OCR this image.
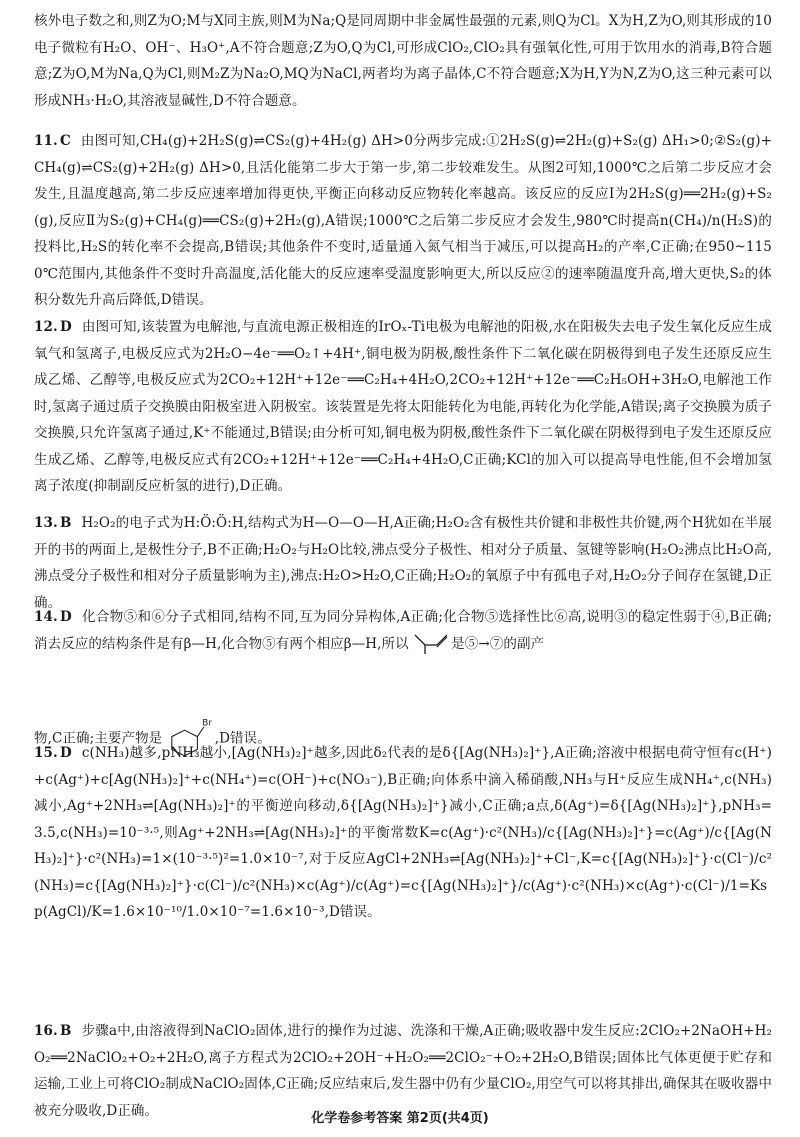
核外电子数之和,则Z为O;M与X同主族,则M为Na;Q是同周期中非金属性最强的元素,则Q为Cl。X为H,Z为O,则其形成的10电子微粒有H₂O、OH⁻、H₃O⁺,A不符合题意;Z为O,Q为Cl,可形成ClO₂,ClO₂具有强氧化性,可用于饮用水的消毒,B符合题意;Z为O,M为Na,Q为Cl,则M₂Z为Na₂O,MQ为NaCl,两者均为离子晶体,C不符合题意;X为H,Y为N,Z为O,这三种元素可以形成NH₃·H₂O,其溶液显碱性,D不符合题意。
11. C 由图可知,CH₄(g)+2H₂S(g)⇌CS₂(g)+4H₂(g) ΔH>0分两步完成:①2H₂S(g)⇌2H₂(g)+S₂(g) ΔH₁>0;②S₂(g)+CH₄(g)⇌CS₂(g)+2H₂(g) ΔH>0,且活化能第二步大于第一步,第二步较难发生。从图2可知,1000℃之后第二步反应才会发生,且温度越高,第二步反应速率增加得更快,平衡正向移动反应物转化率越高。该反应的反应Ⅰ为2H₂S(g)══2H₂(g)+S₂(g),反应Ⅱ为S₂(g)+CH₄(g)══CS₂(g)+2H₂(g),A错误;1000℃之后第二步反应才会发生,980℃时提高n(CH₄)/n(H₂S)的投料比,H₂S的转化率不会提高,B错误;其他条件不变时,适量通入氮气相当于减压,可以提高H₂的产率,C正确;在950~1150℃范围内,其他条件不变时升高温度,活化能大的反应速率受温度影响更大,所以反应②的速率随温度升高,增大更快,S₂的体积分数先升高后降低,D错误。
12. D 由图可知,该装置为电解池,与直流电源正极相连的IrOₓ-Ti电极为电解池的阳极,水在阳极失去电子发生氧化反应生成氧气和氢离子,电极反应式为2H₂O−4e⁻══O₂↑+4H⁺,铜电极为阴极,酸性条件下二氧化碳在阴极得到电子发生还原反应生成乙烯、乙醇等,电极反应式为2CO₂+12H⁺+12e⁻══C₂H₄+4H₂O,2CO₂+12H⁺+12e⁻══C₂H₅OH+3H₂O,电解池工作时,氢离子通过质子交换膜由阳极室进入阴极室。该装置是先将太阳能转化为电能,再转化为化学能,A错误;离子交换膜为质子交换膜,只允许氢离子通过,K⁺不能通过,B错误;由分析可知,铜电极为阴极,酸性条件下二氧化碳在阴极得到电子发生还原反应生成乙烯、乙醇等,电极反应式有2CO₂+12H⁺+12e⁻══C₂H₄+4H₂O,C正确;KCl的加入可以提高导电性能,但不会增加氢离子浓度(抑制副反应析氢的进行),D正确。
13. B H₂O₂的电子式为H:Ö:Ö:H,结构式为H—O—O—H,A正确;H₂O₂含有极性共价键和非极性共价键,两个H犹如在半展开的书的两面上,是极性分子,B不正确;H₂O₂与H₂O比较,沸点受分子极性、相对分子质量、氢键等影响(H₂O₂沸点比H₂O高,沸点受分子极性和相对分子质量影响为主),沸点:H₂O>H₂O,C正确;H₂O₂的氧原子中有孤电子对,H₂O₂分子间存在氢键,D正确。
14. D 化合物⑤和⑥分子式相同,结构不同,互为同分异构体,A正确;化合物⑤选择性比⑥高,说明③的稳定性弱于④,B正确;消去反应的结构条件是有β—H,化合物⑤有两个相应β—H,所以	是⑤→⑦的副产
物,C正确;主要产物是
Br
,D错误。
15. D c(NH₃)越多,pNH₃越小,[Ag(NH₃)₂]⁺越多,因此δ₂代表的是δ{[Ag(NH₃)₂]⁺},A正确;溶液中根据电荷守恒有c(H⁺)+c(Ag⁺)+c[Ag(NH₃)₂]⁺+c(NH₄⁺)=c(OH⁻)+c(NO₃⁻),B正确;向体系中滴入稀硝酸,NH₃与H⁺反应生成NH₄⁺,c(NH₃)减小,Ag⁺+2NH₃⇌[Ag(NH₃)₂]⁺的平衡逆向移动,δ{[Ag(NH₃)₂]⁺}减小,C正确;a点,δ(Ag⁺)=δ{[Ag(NH₃)₂]⁺},pNH₃=3.5,c(NH₃)=10⁻³·⁵,则Ag⁺+2NH₃⇌[Ag(NH₃)₂]⁺的平衡常数K=c(Ag⁺)·c²(NH₃)/c{[Ag(NH₃)₂]⁺}=c(Ag⁺)/c{[Ag(NH₃)₂]⁺}·c²(NH₃)=1×(10⁻³·⁵)²=1.0×10⁻⁷,对于反应AgCl+2NH₃⇌[Ag(NH₃)₂]⁺+Cl⁻,K=c{[Ag(NH₃)₂]⁺}·c(Cl⁻)/c²(NH₃)=c{[Ag(NH₃)₂]⁺}·c(Cl⁻)/c²(NH₃)×c(Ag⁺)/c(Ag⁺)=c{[Ag(NH₃)₂]⁺}/c(Ag⁺)·c²(NH₃)×c(Ag⁺)·c(Cl⁻)/1=Ksp(AgCl)/K=1.6×10⁻¹⁰/1.0×10⁻⁷=1.6×10⁻³,D错误。
16. B 步骤a中,由溶液得到NaClO₂固体,进行的操作为过滤、洗涤和干燥,A正确;吸收器中发生反应:2ClO₂+2NaOH+H₂O₂══2NaClO₂+O₂+2H₂O,离子方程式为2ClO₂+2OH⁻+H₂O₂══2ClO₂⁻+O₂+2H₂O,B错误;固体比气体更便于贮存和运输,工业上可将ClO₂制成NaClO₂固体,C正确;反应结束后,发生器中仍有少量ClO₂,用空气可以将其排出,确保其在吸收器中被充分吸收,D正确。	化学卷参考答案 第2页(共4页)
